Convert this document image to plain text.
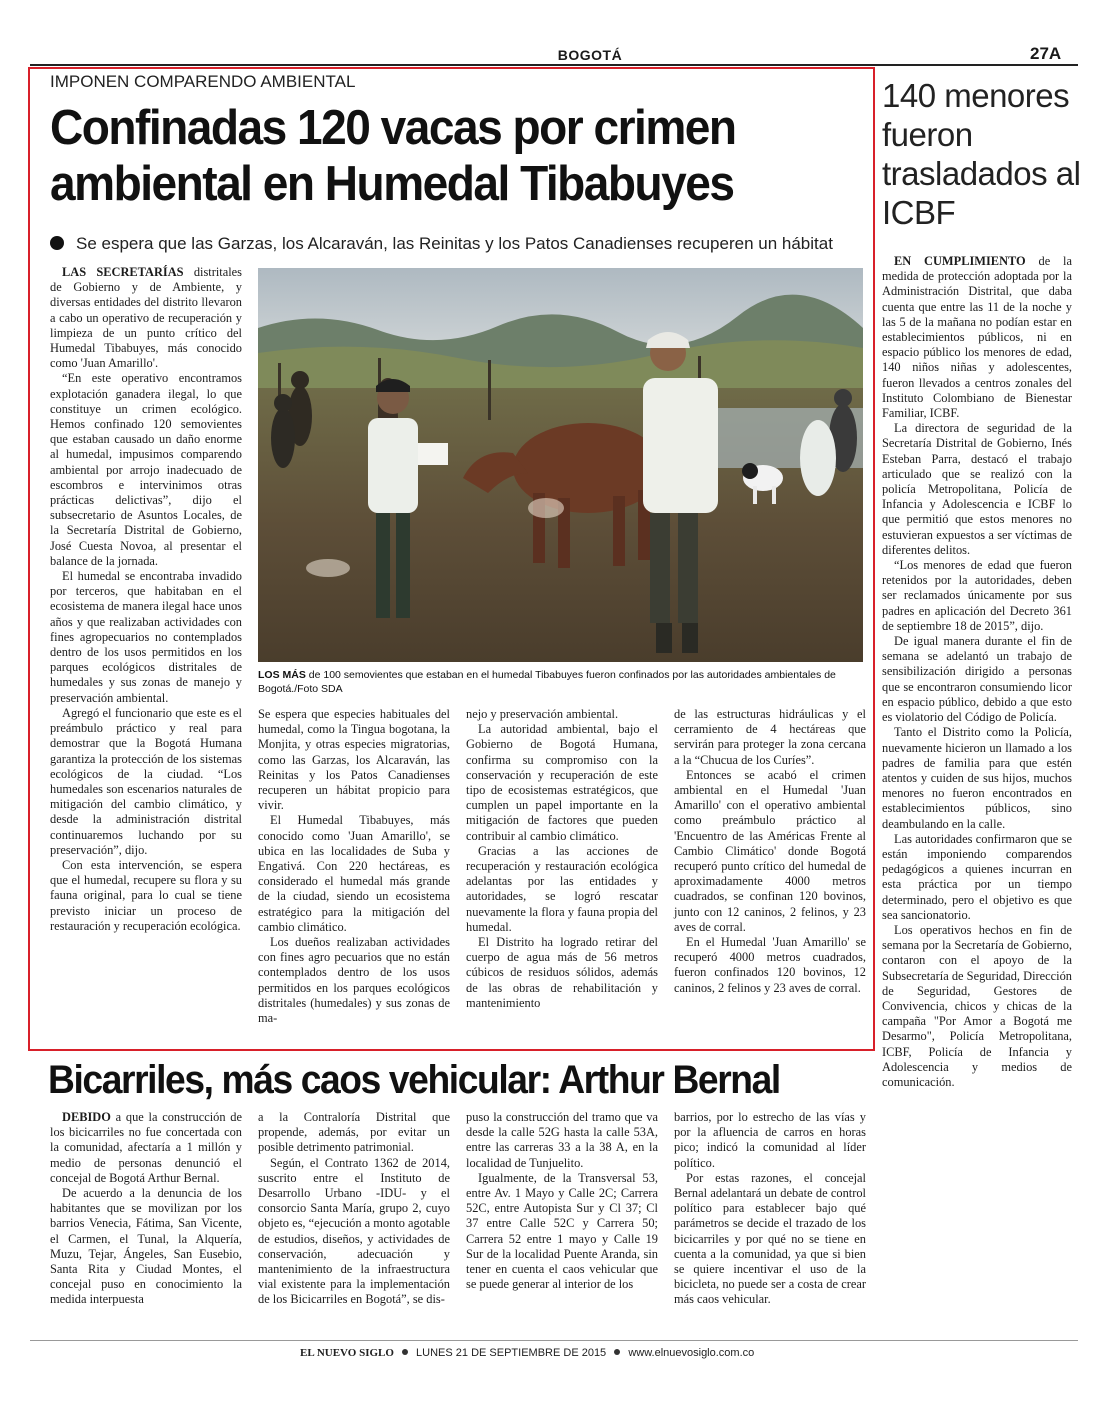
BOGOTÁ	27A
IMPONEN COMPARENDO AMBIENTAL
Confinadas 120 vacas por crimen ambiental en Humedal Tibabuyes
Se espera que las Garzas, los Alcaraván, las Reinitas y los Patos Canadienses recuperen un hábitat

LAS SECRETARÍAS distritales de Gobierno y de Ambiente, y diversas entidades del distrito llevaron a cabo un operativo de recuperación y limpieza de un punto crítico del Humedal Tibabuyes, más conocido como 'Juan Amarillo'.

“En este operativo encontramos explotación ganadera ilegal, lo que constituye un crimen ecológico. Hemos confinado 120 semovientes que estaban causado un daño enorme al humedal, impusimos comparendo ambiental por arrojo inadecuado de escombros e intervinimos otras prácticas delictivas”, dijo el subsecretario de Asuntos Locales, de la Secretaría Distrital de Gobierno, José Cuesta Novoa, al presentar el balance de la jornada.

El humedal se encontraba invadido por terceros, que habitaban en el ecosistema de manera ilegal hace unos años y que realizaban actividades con fines agropecuarios no contemplados dentro de los usos permitidos en los parques ecológicos distritales de humedales y sus zonas de manejo y preservación ambiental.

Agregó el funcionario que este es el preámbulo práctico y real para demostrar que la Bogotá Humana garantiza la protección de los sistemas ecológicos de la ciudad. “Los humedales son escenarios naturales de mitigación del cambio climático, y desde la administración distrital continuaremos luchando por su preservación”, dijo.

Con esta intervención, se espera que el humedal, recupere su flora y su fauna original, para lo cual se tiene previsto iniciar un proceso de restauración y recuperación ecológica.

Se espera que especies habituales del humedal, como la Tingua bogotana, la Monjita, y otras especies migratorias, como las Garzas, los Alcaraván, las Reinitas y los Patos Canadienses recuperen un hábitat propicio para vivir.

El Humedal Tibabuyes, más conocido como 'Juan Amarillo', se ubica en las localidades de Suba y Engativá. Con 220 hectáreas, es considerado el humedal más grande de la ciudad, siendo un ecosistema estratégico para la mitigación del cambio climático.

Los dueños realizaban actividades con fines agro pecuarios que no están contemplados dentro de los usos permitidos en los parques ecológicos distritales (humedales) y sus zonas de ma-

nejo y preservación ambiental.

La autoridad ambiental, bajo el Gobierno de Bogotá Humana, confirma su compromiso con la conservación y recuperación de este tipo de ecosistemas estratégicos, que cumplen un papel importante en la mitigación de factores que pueden contribuir al cambio climático.

Gracias a las acciones de recuperación y restauración ecológica adelantas por las entidades y autoridades, se logró rescatar nuevamente la flora y fauna propia del humedal.

El Distrito ha logrado retirar del cuerpo de agua más de 56 metros cúbicos de residuos sólidos, además de las obras de rehabilitación y mantenimiento

de las estructuras hidráulicas y el cerramiento de 4 hectáreas que servirán para proteger la zona cercana a la “Chucua de los Curíes”.

Entonces se acabó el crimen ambiental en el Humedal 'Juan Amarillo' con el operativo ambiental como preámbulo práctico al 'Encuentro de las Américas Frente al Cambio Climático' donde Bogotá recuperó punto crítico del humedal de aproximadamente 4000 metros cuadrados, se confinan 120 bovinos, junto con 12 caninos, 2 felinos, y 23 aves de corral.

En el Humedal 'Juan Amarillo' se recuperó 4000 metros cuadrados, fueron confinados 120 bovinos, 12 caninos, 2 felinos y 23 aves de corral.

LOS MÁS de 100 semovientes que estaban en el humedal Tibabuyes fueron confinados por las autoridades ambientales de Bogotá./Foto SDA
140 menores fueron trasladados al ICBF

EN CUMPLIMIENTO de la medida de protección adoptada por la Administración Distrital, que daba cuenta que entre las 11 de la noche y las 5 de la mañana no podían estar en establecimientos públicos, ni en espacio público los menores de edad, 140 niños niñas y adolescentes, fueron llevados a centros zonales del Instituto Colombiano de Bienestar Familiar, ICBF.

La directora de seguridad de la Secretaría Distrital de Gobierno, Inés Esteban Parra, destacó el trabajo articulado que se realizó con la policía Metropolitana, Policía de Infancia y Adolescencia e ICBF lo que permitió que estos menores no estuvieran expuestos a ser víctimas de diferentes delitos.

“Los menores de edad que fueron retenidos por la autoridades, deben ser reclamados únicamente por sus padres en aplicación del Decreto 361 de septiembre 18 de 2015”, dijo.

De igual manera durante el fin de semana se adelantó un trabajo de sensibilización dirigido a personas que se encontraron consumiendo licor en espacio público, debido a que esto es violatorio del Código de Policía.

Tanto el Distrito como la Policía, nuevamente hicieron un llamado a los padres de familia para que estén atentos y cuiden de sus hijos, muchos menores no fueron encontrados en establecimientos públicos, sino deambulando en la calle.

Las autoridades confirmaron que se están imponiendo comparendos pedagógicos a quienes incurran en esta práctica por un tiempo determinado, pero el objetivo es que sea sancionatorio.

Los operativos hechos en fin de semana por la Secretaría de Gobierno, contaron con el apoyo de la Subsecretaría de Seguridad, Dirección de Seguridad, Gestores de Convivencia, chicos y chicas de la campaña "Por Amor a Bogotá me Desarmo", Policía Metropolitana, ICBF, Policía de Infancia y Adolescencia y medios de comunicación.

Bicarriles, más caos vehicular: Arthur Bernal

DEBIDO a que la construcción de los bicicarriles no fue concertada con la comunidad, afectaría a 1 millón y medio de personas denunció el concejal de Bogotá Arthur Bernal.

De acuerdo a la denuncia de los habitantes que se movilizan por los barrios Venecia, Fátima, San Vicente, el Carmen, el Tunal, la Alquería, Muzu, Tejar, Ángeles, San Eusebio, Santa Rita y Ciudad Montes, el concejal puso en conocimiento la medida interpuesta

a la Contraloría Distrital que propende, además, por evitar un posible detrimento patrimonial.

Según, el Contrato 1362 de 2014, suscrito entre el Instituto de Desarrollo Urbano -IDU- y el consorcio Santa María, grupo 2, cuyo objeto es, “ejecución a monto agotable de estudios, diseños, y actividades de conservación, adecuación y mantenimiento de la infraestructura vial existente para la implementación de los Bicicarriles en Bogotá”, se dis-

puso la construcción del tramo que va desde la calle 52G hasta la calle 53A, entre las carreras 33 a la 38 A, en la localidad de Tunjuelito.

Igualmente, de la Transversal 53, entre Av. 1 Mayo y Calle 2C; Carrera 52C, entre Autopista Sur y Cl 37; Cl 37 entre Calle 52C y Carrera 50; Carrera 52 entre 1 mayo y Calle 19 Sur de la localidad Puente Aranda, sin tener en cuenta el caos vehicular que se puede generar al interior de los

barrios, por lo estrecho de las vías y por la afluencia de carros en horas pico; indicó la comunidad al líder político.

Por estas razones, el concejal Bernal adelantará un debate de control político para establecer bajo qué parámetros se decide el trazado de los bicicarriles y por qué no se tiene en cuenta a la comunidad, ya que si bien se quiere incentivar el uso de la bicicleta, no puede ser a costa de crear más caos vehicular.

EL NUEVO SIGLO LUNES 21 DE SEPTIEMBRE DE 2015 www.elnuevosiglo.com.co
